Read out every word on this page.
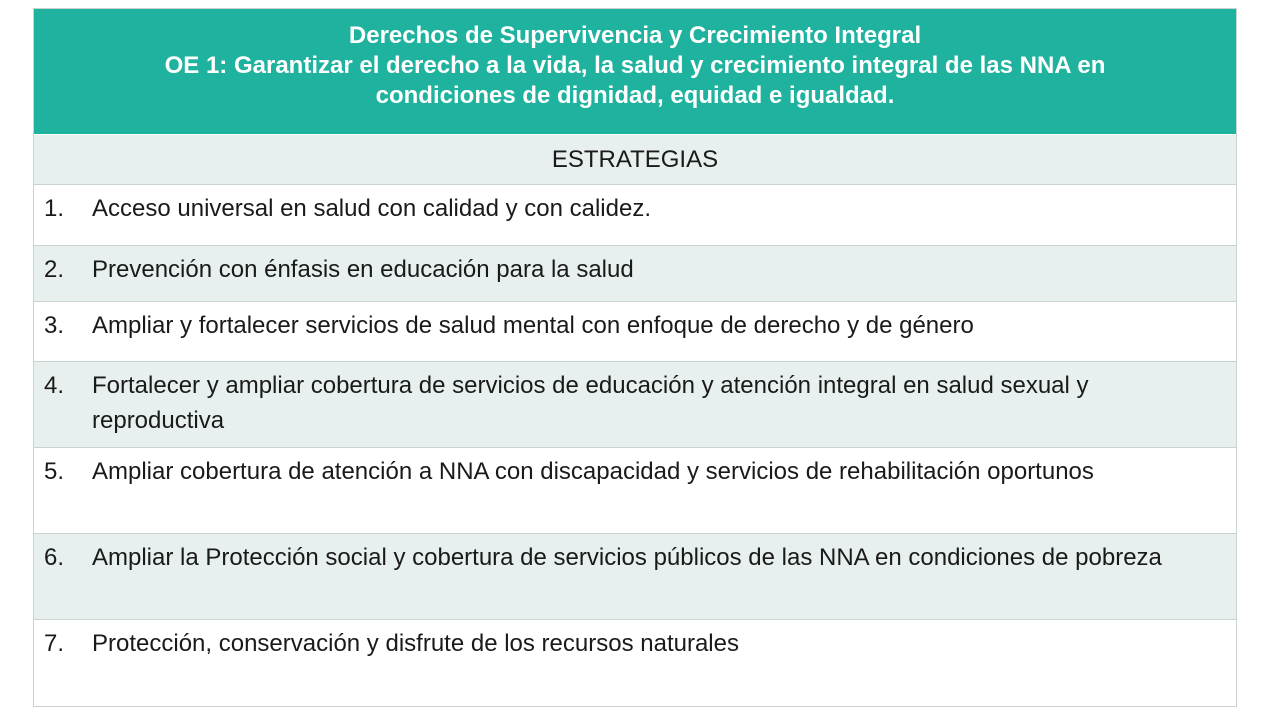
Derechos de Supervivencia y Crecimiento Integral
OE 1: Garantizar el derecho a la vida, la salud y crecimiento integral de las NNA en
condiciones de dignidad, equidad e igualdad.
ESTRATEGIAS
1.	Acceso universal en salud con calidad y con calidez.
2.	Prevención con énfasis en educación para la salud
3.	Ampliar y fortalecer servicios de salud mental con enfoque de derecho y de género
4.	Fortalecer y ampliar cobertura de servicios de educación y atención integral en salud sexual y reproductiva
5.	Ampliar cobertura de atención a NNA con discapacidad y servicios de rehabilitación oportunos
6.	Ampliar la Protección social y cobertura de servicios públicos de las NNA en condiciones de pobreza
7.	Protección, conservación y disfrute de los recursos naturales
